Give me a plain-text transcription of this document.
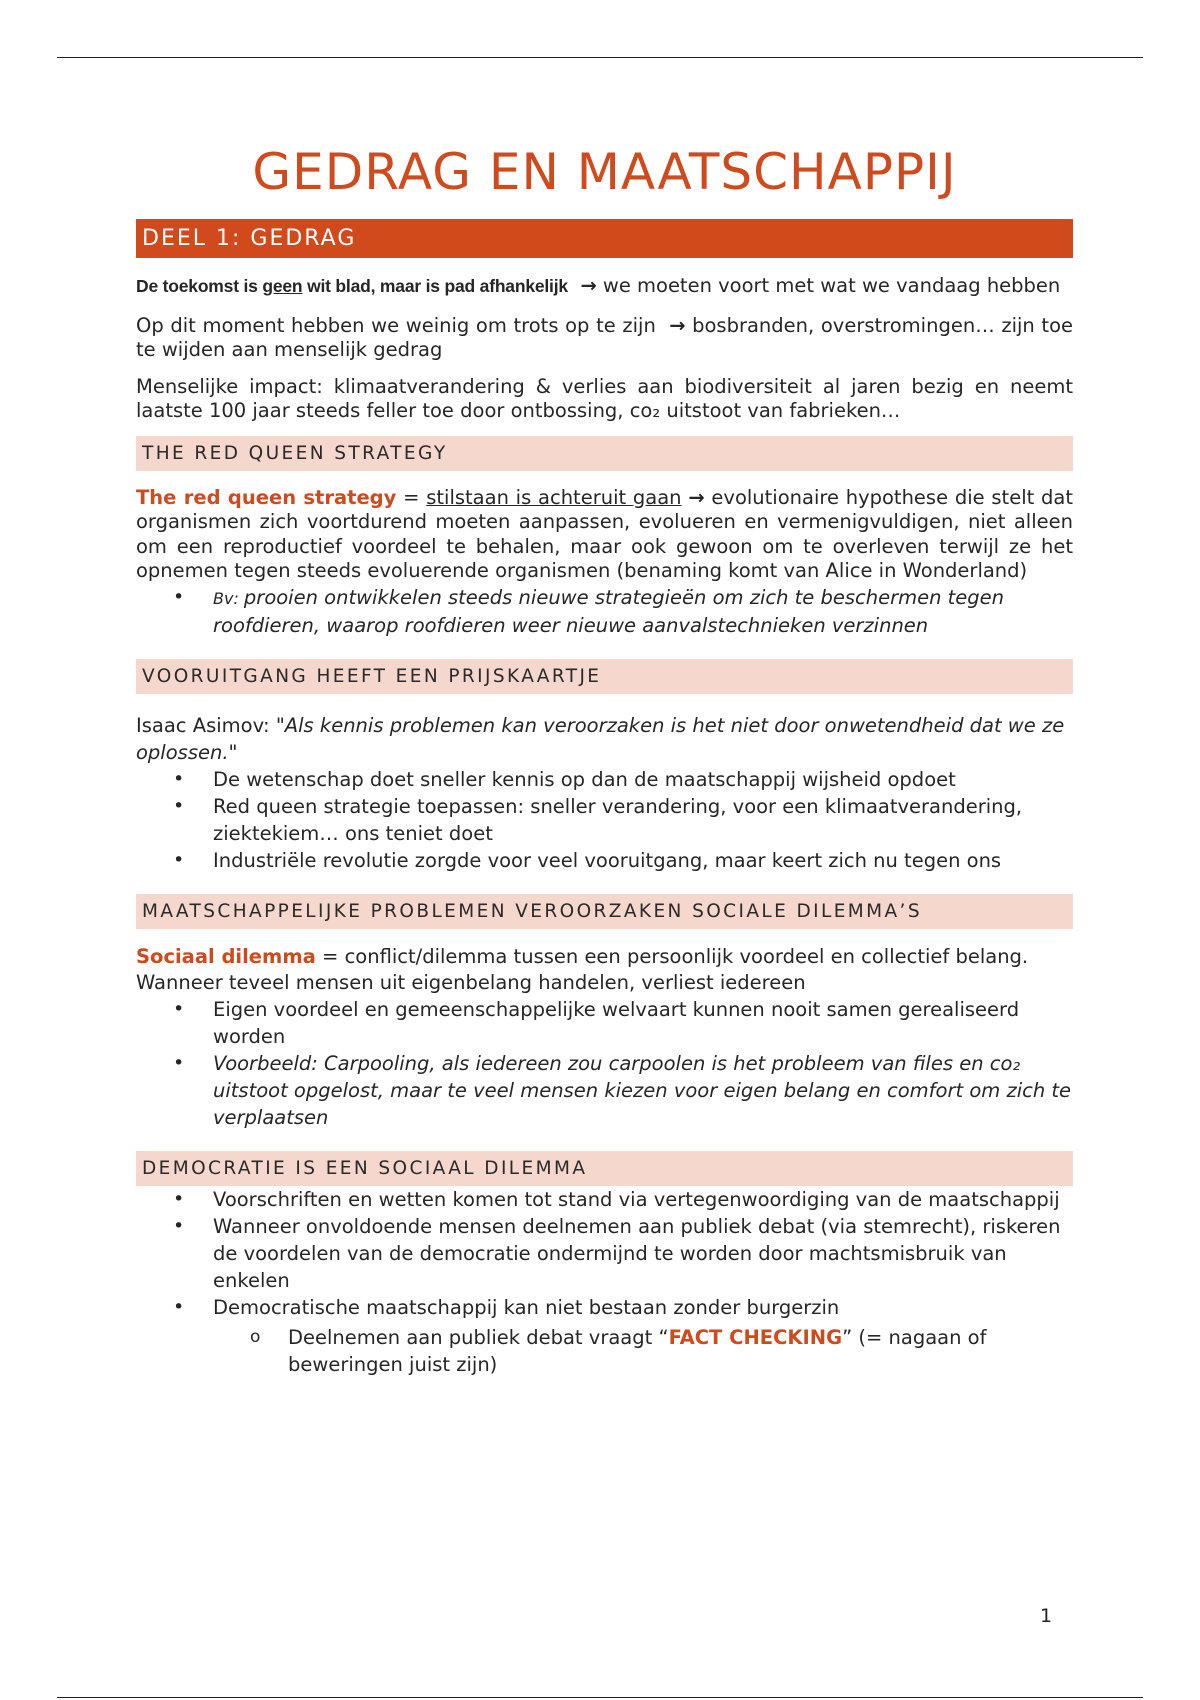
GEDRAG EN MAATSCHAPPIJ
DEEL 1: GEDRAG

De toekomst is geen wit blad, maar is pad afhankelijk → we moeten voort met wat we vandaag hebben

Op dit moment hebben we weinig om trots op te zijn → bosbranden, overstromingen… zijn toe te wijden aan menselijk gedrag

Menselijke impact: klimaatverandering & verlies aan biodiversiteit al jaren bezig en neemt laatste 100 jaar steeds feller toe door ontbossing, co₂ uitstoot van fabrieken…

THE RED QUEEN STRATEGY

The red queen strategy = stilstaan is achteruit gaan → evolutionaire hypothese die stelt dat organismen zich voortdurend moeten aanpassen, evolueren en vermenigvuldigen, niet alleen om een reproductief voordeel te behalen, maar ook gewoon om te overleven terwijl ze het opnemen tegen steeds evoluerende organismen (benaming komt van Alice in Wonderland)

• Bv: prooien ontwikkelen steeds nieuwe strategieën om zich te beschermen tegen roofdieren, waarop roofdieren weer nieuwe aanvalstechnieken verzinnen
VOORUITGANG HEEFT EEN PRIJSKAARTJE

Isaac Asimov: "Als kennis problemen kan veroorzaken is het niet door onwetendheid dat we ze oplossen."

• De wetenschap doet sneller kennis op dan de maatschappij wijsheid opdoet
• Red queen strategie toepassen: sneller verandering, voor een klimaatverandering, ziektekiem… ons teniet doet
• Industriële revolutie zorgde voor veel vooruitgang, maar keert zich nu tegen ons
MAATSCHAPPELIJKE PROBLEMEN VEROORZAKEN SOCIALE DILEMMA’S

Sociaal dilemma = conflict/dilemma tussen een persoonlijk voordeel en collectief belang. Wanneer teveel mensen uit eigenbelang handelen, verliest iedereen

• Eigen voordeel en gemeenschappelijke welvaart kunnen nooit samen gerealiseerd worden
• Voorbeeld: Carpooling, als iedereen zou carpoolen is het probleem van files en co₂ uitstoot opgelost, maar te veel mensen kiezen voor eigen belang en comfort om zich te verplaatsen
DEMOCRATIE IS EEN SOCIAAL DILEMMA
• Voorschriften en wetten komen tot stand via vertegenwoordiging van de maatschappij
• Wanneer onvoldoende mensen deelnemen aan publiek debat (via stemrecht), riskeren de voordelen van de democratie ondermijnd te worden door machtsmisbruik van enkelen
• Democratische maatschappij kan niet bestaan zonder burgerzin
o Deelnemen aan publiek debat vraagt “FACT CHECKING” (= nagaan of beweringen juist zijn)
1
